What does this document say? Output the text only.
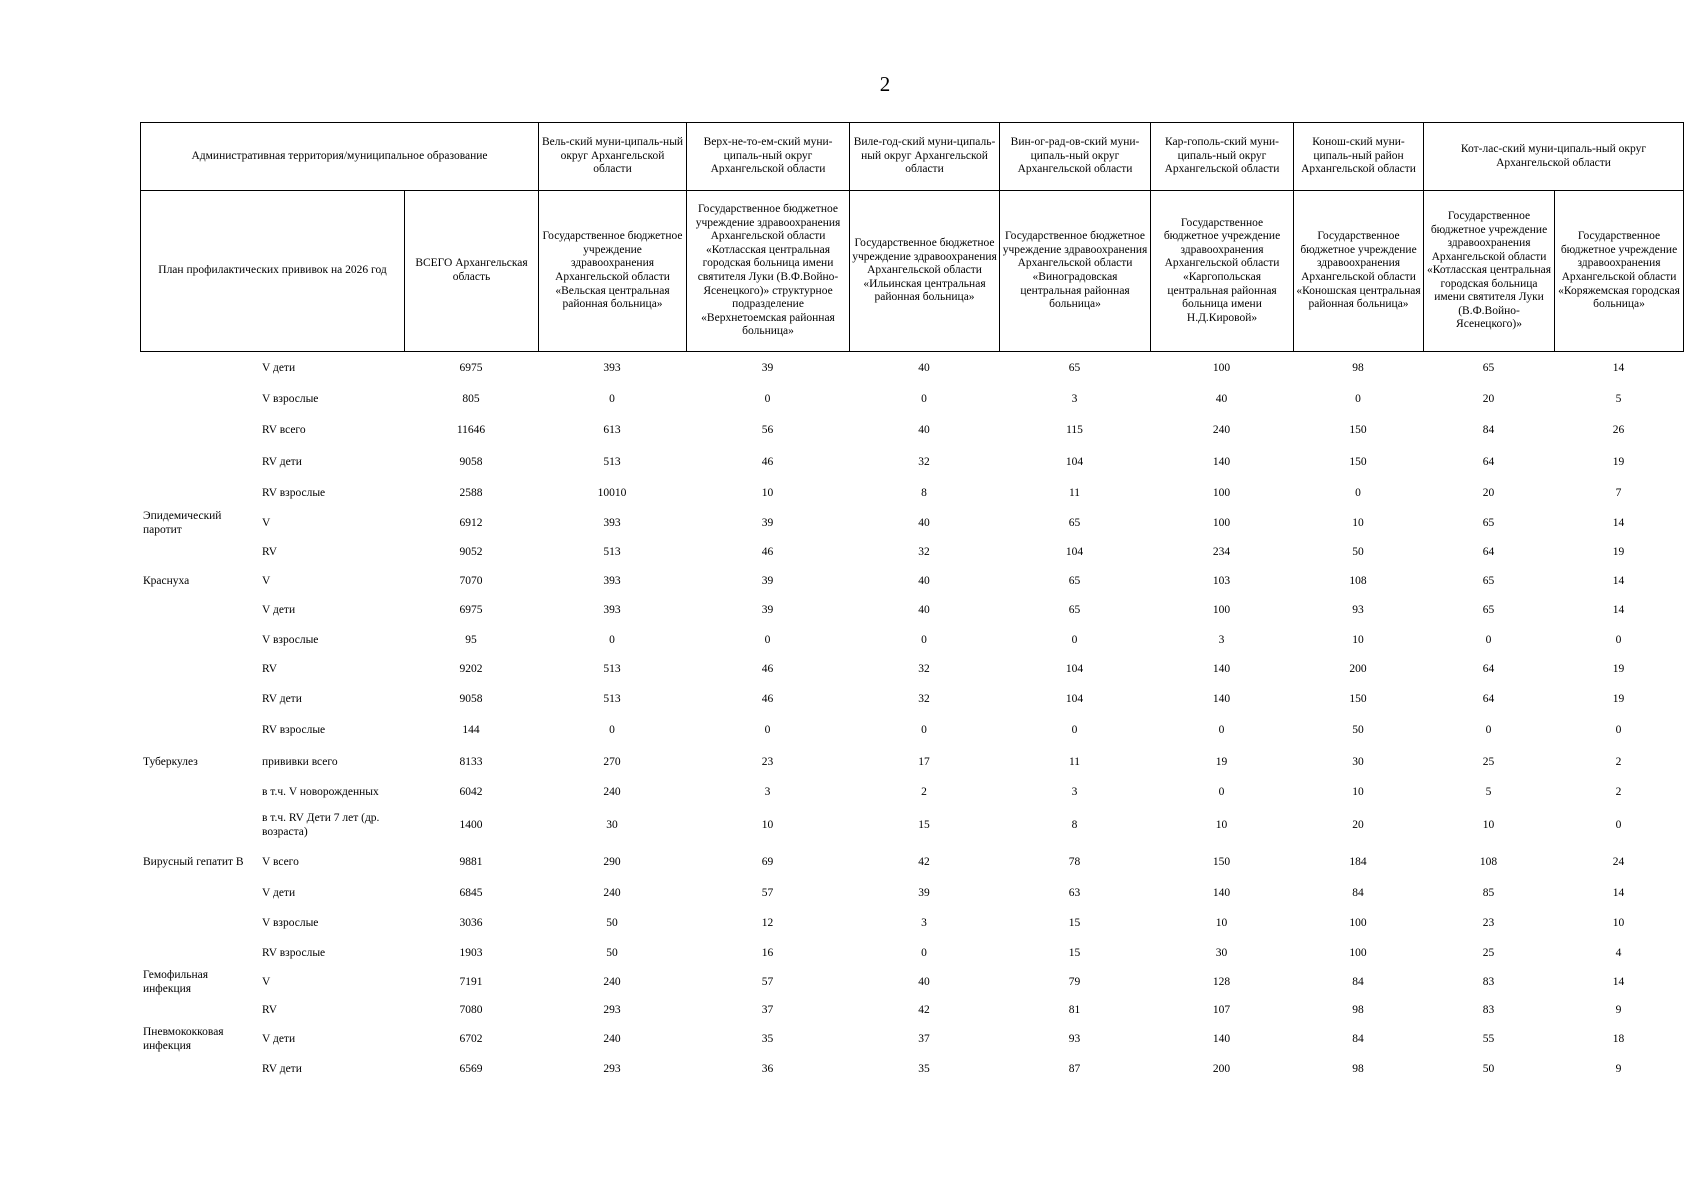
2
Административная территория/муниципальное образование		Вель-ский муни-ципаль-ный округ Архангельской области	Верх-не-то-ем-ский муни-ципаль-ный округ Архангельской области	Виле-год-ский муни-ципаль-ный округ Архангельской области	Вин-ог-рад-ов-ский муни-ципаль-ный округ Архангельской области	Кар-гополь-ский муни-ципаль-ный округ Архангельской области	Конош-ский муни-ципаль-ный район Архангельской области	Кот-лас-ский муни-ципаль-ный округ Архангельской области	
План профилактических прививок на 2026 год	ВСЕГО Архангельская область	Государственное бюджетное учреждение здравоохранения Архангельской области «Вельская центральная районная больница»	Государственное бюджетное учреждение здравоохранения Архангельской области «Котласская центральная городская больница имени святителя Луки (В.Ф.Войно-Ясенецкого)» структурное подразделение «Верхнетоемская районная больница»	Государственное бюджетное учреждение здравоохранения Архангельской области «Ильинская центральная районная больница»	Государственное бюджетное учреждение здравоохранения Архангельской области «Виноградовская центральная районная больница»	Государственное бюджетное учреждение здравоохранения Архангельской области «Каргопольская центральная районная больница имени Н.Д.Кировой»	Государственное бюджетное учреждение здравоохранения Архангельской области «Коношская центральная районная больница»	Государственное бюджетное учреждение здравоохранения Архангельской области «Котласская центральная городская больница имени святителя Луки (В.Ф.Войно-Ясенецкого)»	Государственное бюджетное учреждение здравоохранения Архангельской области «Коряжемская городская больница»
	V дети	6975	393	39	40	65	100	98	65	14
	V взрослые	805	0	0	0	3	40	0	20	5
	RV всего	11646	613	56	40	115	240	150	84	26
	RV дети	9058	513	46	32	104	140	150	64	19
	RV взрослые	2588	10010	10	8	11	100	0	20	7
Эпидемический паротит	V	6912	393	39	40	65	100	10	65	14
	RV	9052	513	46	32	104	234	50	64	19
Краснуха	V	7070	393	39	40	65	103	108	65	14
	V дети	6975	393	39	40	65	100	93	65	14
	V взрослые	95	0	0	0	0	3	10	0	0
	RV	9202	513	46	32	104	140	200	64	19
	RV дети	9058	513	46	32	104	140	150	64	19
	RV взрослые	144	0	0	0	0	0	50	0	0
Туберкулез	прививки всего	8133	270	23	17	11	19	30	25	2
	в т.ч. V новорожденных	6042	240	3	2	3	0	10	5	2
	в т.ч. RV Дети 7 лет (др. возраста)	1400	30	10	15	8	10	20	10	0
Вирусный гепатит В	V всего	9881	290	69	42	78	150	184	108	24
	V дети	6845	240	57	39	63	140	84	85	14
	V взрослые	3036	50	12	3	15	10	100	23	10
	RV взрослые	1903	50	16	0	15	30	100	25	4
Гемофильная инфекция	V	7191	240	57	40	79	128	84	83	14
	RV	7080	293	37	42	81	107	98	83	9
Пневмококковая инфекция	V дети	6702	240	35	37	93	140	84	55	18
	RV дети	6569	293	36	35	87	200	98	50	9
